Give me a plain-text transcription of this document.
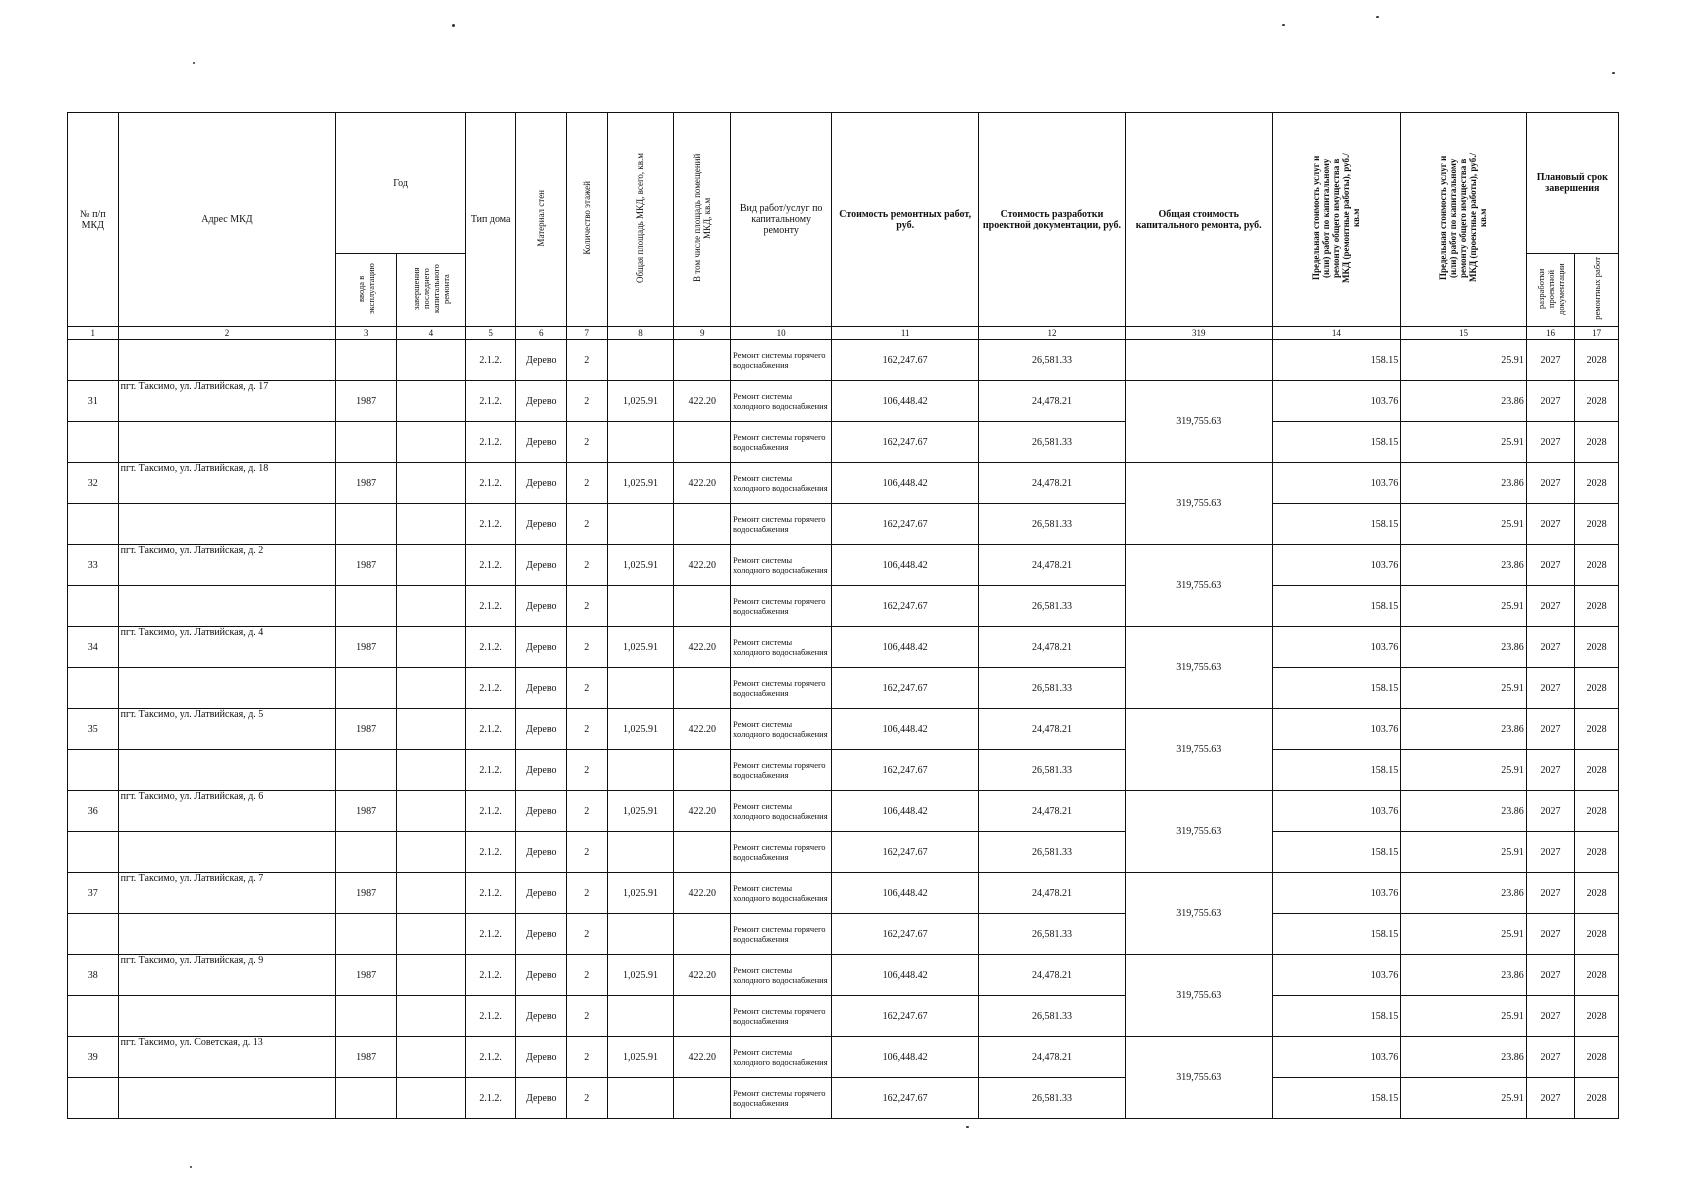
№ п/п МКД	Адрес МКД	Год		Тип дома	Материал стен	Количество этажей	Общая площадь МКД, всего, кв.м	В том числе площадь помещений МКД, кв.м	Вид работ/услуг по капитальному ремонту	Стоимость ремонтных работ, руб.	Стоимость разработки проектной документации, руб.	Общая стоимость капитального ремонта, руб.	Предельная стоимость услуг и (или) работ по капитальному ремонту общего имущества в МКД (ремонтные работы), руб./кв.м	Предельная стоимость услуг и (или) работ по капитальному ремонту общего имущества в МКД (проектные работы), руб./кв.м	Плановый срок завершения	
		ввода в эксплуатацию	завершения последнего капитального ремонта												разработки проектной документации	ремонтных работ
1	2	3	4	5	6	7	8	9	10	11	12	319	14	15	16	17
				2.1.2.	Дерево	2			Ремонт системы горячего водоснабжения	162,247.67	26,581.33		158.15	25.91	2027	2028
31	пгт. Таксимо, ул. Латвийская, д. 17	1987		2.1.2.	Дерево	2	1,025.91	422.20	Ремонт системы холодного водоснабжения	106,448.42	24,478.21	319,755.63	103.76	23.86	2027	2028
				2.1.2.	Дерево	2			Ремонт системы горячего водоснабжения	162,247.67	26,581.33		158.15	25.91	2027	2028
32	пгт. Таксимо, ул. Латвийская, д. 18	1987		2.1.2.	Дерево	2	1,025.91	422.20	Ремонт системы холодного водоснабжения	106,448.42	24,478.21	319,755.63	103.76	23.86	2027	2028
				2.1.2.	Дерево	2			Ремонт системы горячего водоснабжения	162,247.67	26,581.33		158.15	25.91	2027	2028
33	пгт. Таксимо, ул. Латвийская, д. 2	1987		2.1.2.	Дерево	2	1,025.91	422.20	Ремонт системы холодного водоснабжения	106,448.42	24,478.21	319,755.63	103.76	23.86	2027	2028
				2.1.2.	Дерево	2			Ремонт системы горячего водоснабжения	162,247.67	26,581.33		158.15	25.91	2027	2028
34	пгт. Таксимо, ул. Латвийская, д. 4	1987		2.1.2.	Дерево	2	1,025.91	422.20	Ремонт системы холодного водоснабжения	106,448.42	24,478.21	319,755.63	103.76	23.86	2027	2028
				2.1.2.	Дерево	2			Ремонт системы горячего водоснабжения	162,247.67	26,581.33		158.15	25.91	2027	2028
35	пгт. Таксимо, ул. Латвийская, д. 5	1987		2.1.2.	Дерево	2	1,025.91	422.20	Ремонт системы холодного водоснабжения	106,448.42	24,478.21	319,755.63	103.76	23.86	2027	2028
				2.1.2.	Дерево	2			Ремонт системы горячего водоснабжения	162,247.67	26,581.33		158.15	25.91	2027	2028
36	пгт. Таксимо, ул. Латвийская, д. 6	1987		2.1.2.	Дерево	2	1,025.91	422.20	Ремонт системы холодного водоснабжения	106,448.42	24,478.21	319,755.63	103.76	23.86	2027	2028
				2.1.2.	Дерево	2			Ремонт системы горячего водоснабжения	162,247.67	26,581.33		158.15	25.91	2027	2028
37	пгт. Таксимо, ул. Латвийская, д. 7	1987		2.1.2.	Дерево	2	1,025.91	422.20	Ремонт системы холодного водоснабжения	106,448.42	24,478.21	319,755.63	103.76	23.86	2027	2028
				2.1.2.	Дерево	2			Ремонт системы горячего водоснабжения	162,247.67	26,581.33		158.15	25.91	2027	2028
38	пгт. Таксимо, ул. Латвийская, д. 9	1987		2.1.2.	Дерево	2	1,025.91	422.20	Ремонт системы холодного водоснабжения	106,448.42	24,478.21	319,755.63	103.76	23.86	2027	2028
				2.1.2.	Дерево	2			Ремонт системы горячего водоснабжения	162,247.67	26,581.33		158.15	25.91	2027	2028
39	пгт. Таксимо, ул. Советская, д. 13	1987		2.1.2.	Дерево	2	1,025.91	422.20	Ремонт системы холодного водоснабжения	106,448.42	24,478.21	319,755.63	103.76	23.86	2027	2028
				2.1.2.	Дерево	2			Ремонт системы горячего водоснабжения	162,247.67	26,581.33		158.15	25.91	2027	2028
